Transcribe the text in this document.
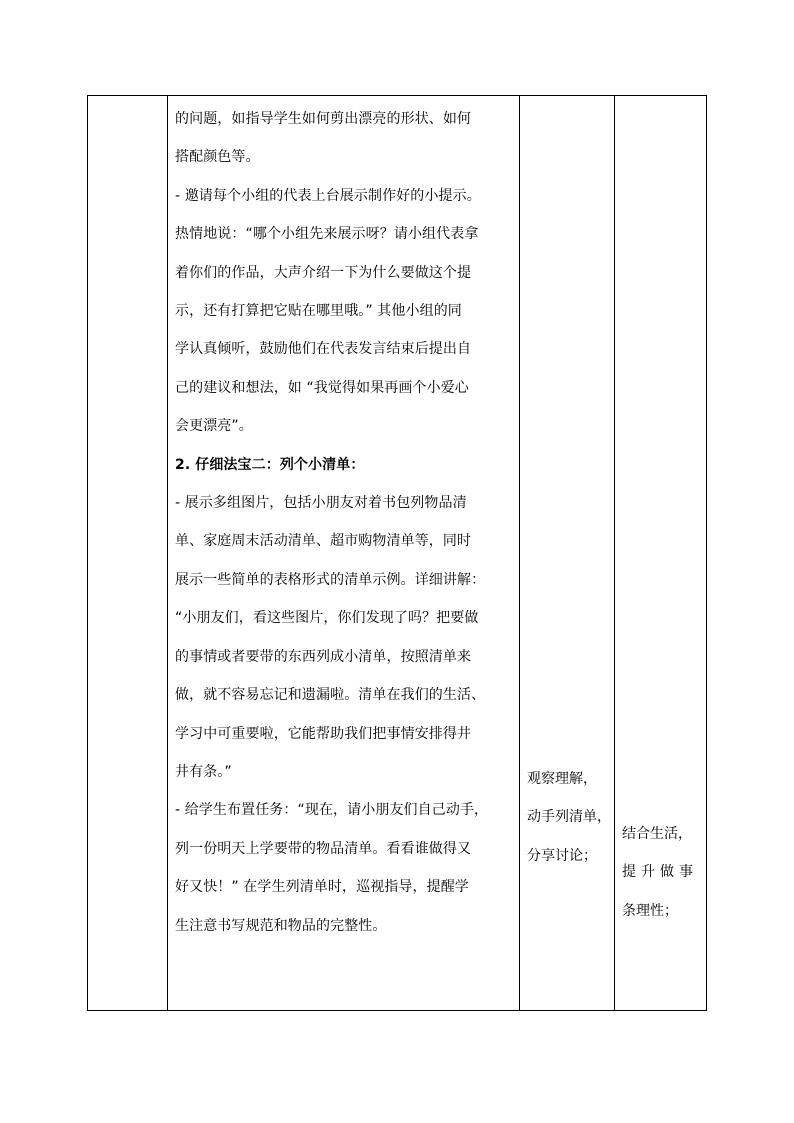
的问题，如指导学生如何剪出漂亮的形状、如何

搭配颜色等。

- 邀请每个小组的代表上台展示制作好的小提示。

热情地说：“哪个小组先来展示呀？请小组代表拿

着你们的作品，大声介绍一下为什么要做这个提

示，还有打算把它贴在哪里哦。” 其他小组的同

学认真倾听，鼓励他们在代表发言结束后提出自

己的建议和想法，如 “我觉得如果再画个小爱心

会更漂亮”。

2. 仔细法宝二：列个小清单：

- 展示多组图片，包括小朋友对着书包列物品清

单、家庭周末活动清单、超市购物清单等，同时

展示一些简单的表格形式的清单示例。详细讲解：

“小朋友们，看这些图片，你们发现了吗？把要做

的事情或者要带的东西列成小清单，按照清单来

做，就不容易忘记和遗漏啦。清单在我们的生活、

学习中可重要啦，它能帮助我们把事情安排得井

井有条。”

- 给学生布置任务：“现在，请小朋友们自己动手，

列一份明天上学要带的物品清单。看看谁做得又

好又快！” 在学生列清单时，巡视指导，提醒学

生注意书写规范和物品的完整性。

观察理解，

动手列清单，

分享讨论；

结合生活，

提升做事

条理性；
